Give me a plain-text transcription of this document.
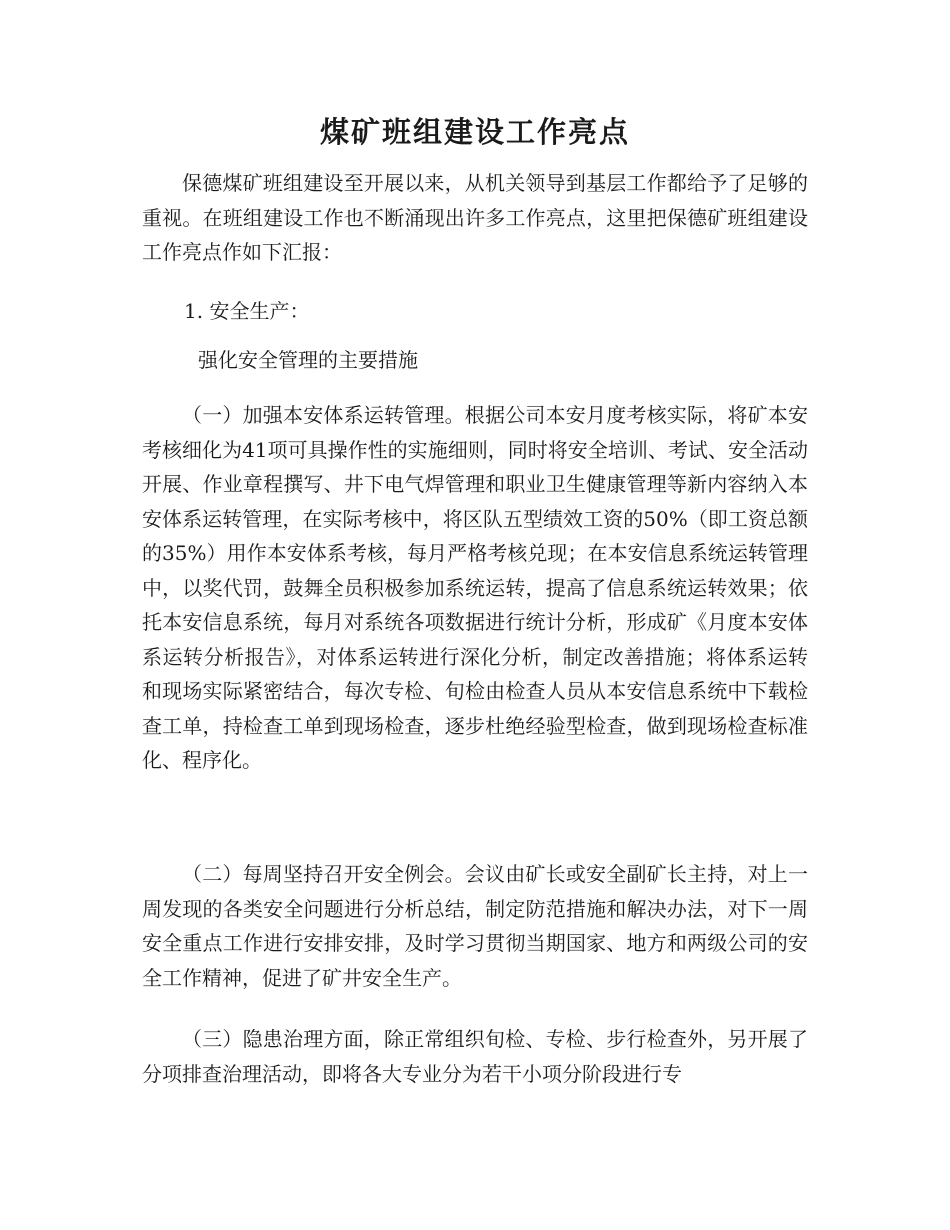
煤矿班组建设工作亮点

保德煤矿班组建设至开展以来，从机关领导到基层工作都给予了足够的重视。在班组建设工作也不断涌现出许多工作亮点，这里把保德矿班组建设工作亮点作如下汇报：

1. 安全生产：

强化安全管理的主要措施

（一）加强本安体系运转管理。根据公司本安月度考核实际，将矿本安考核细化为41项可具操作性的实施细则，同时将安全培训、考试、安全活动开展、作业章程撰写、井下电气焊管理和职业卫生健康管理等新内容纳入本安体系运转管理，在实际考核中，将区队五型绩效工资的50%（即工资总额的35%）用作本安体系考核，每月严格考核兑现；在本安信息系统运转管理中，以奖代罚，鼓舞全员积极参加系统运转，提高了信息系统运转效果；依托本安信息系统，每月对系统各项数据进行统计分析，形成矿《月度本安体系运转分析报告》，对体系运转进行深化分析，制定改善措施；将体系运转和现场实际紧密结合，每次专检、旬检由检查人员从本安信息系统中下载检查工单，持检查工单到现场检查，逐步杜绝经验型检查，做到现场检查标准化、程序化。

（二）每周坚持召开安全例会。会议由矿长或安全副矿长主持，对上一周发现的各类安全问题进行分析总结，制定防范措施和解决办法，对下一周安全重点工作进行安排安排，及时学习贯彻当期国家、地方和两级公司的安全工作精神，促进了矿井安全生产。

（三）隐患治理方面，除正常组织旬检、专检、步行检查外，另开展了分项排查治理活动，即将各大专业分为若干小项分阶段进行专
